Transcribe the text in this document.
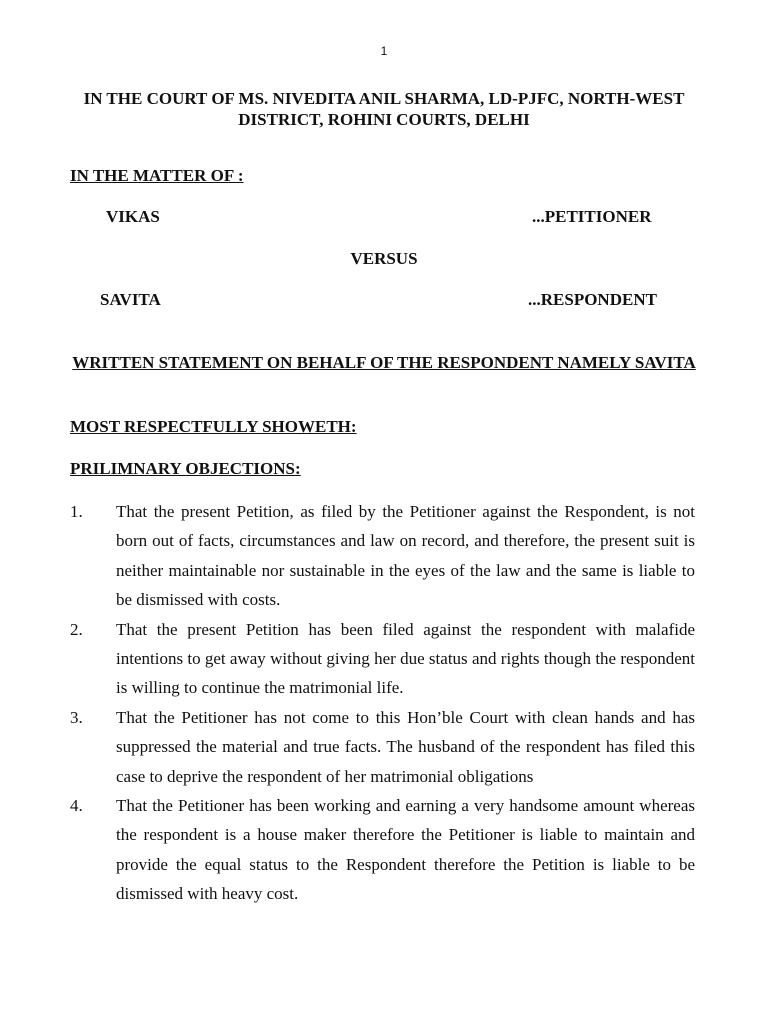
1
IN THE COURT OF MS. NIVEDITA ANIL SHARMA, LD-PJFC, NORTH-WEST DISTRICT, ROHINI COURTS, DELHI
IN THE MATTER OF :
VIKAS	...PETITIONER
VERSUS
SAVITA	...RESPONDENT
WRITTEN STATEMENT ON BEHALF OF THE RESPONDENT NAMELY SAVITA
MOST RESPECTFULLY SHOWETH:
PRILIMNARY OBJECTIONS:
1.	That the present Petition, as filed by the Petitioner against the Respondent, is not born out of facts, circumstances and law on record, and therefore, the present suit is neither maintainable nor sustainable in the eyes of the law and the same is liable to be dismissed with costs.
2.	That the present Petition has been filed against the respondent with malafide intentions to get away without giving her due status and rights though the respondent is willing to continue the matrimonial life.
3.	That the Petitioner has not come to this Hon’ble Court with clean hands and has suppressed the material and true facts. The husband of the respondent has filed this case to deprive the respondent of her matrimonial obligations
4.	That the Petitioner has been working and earning a very handsome amount whereas the respondent is a house maker therefore the Petitioner is liable to maintain and provide the equal status to the Respondent therefore the Petition is liable to be dismissed with heavy cost.
